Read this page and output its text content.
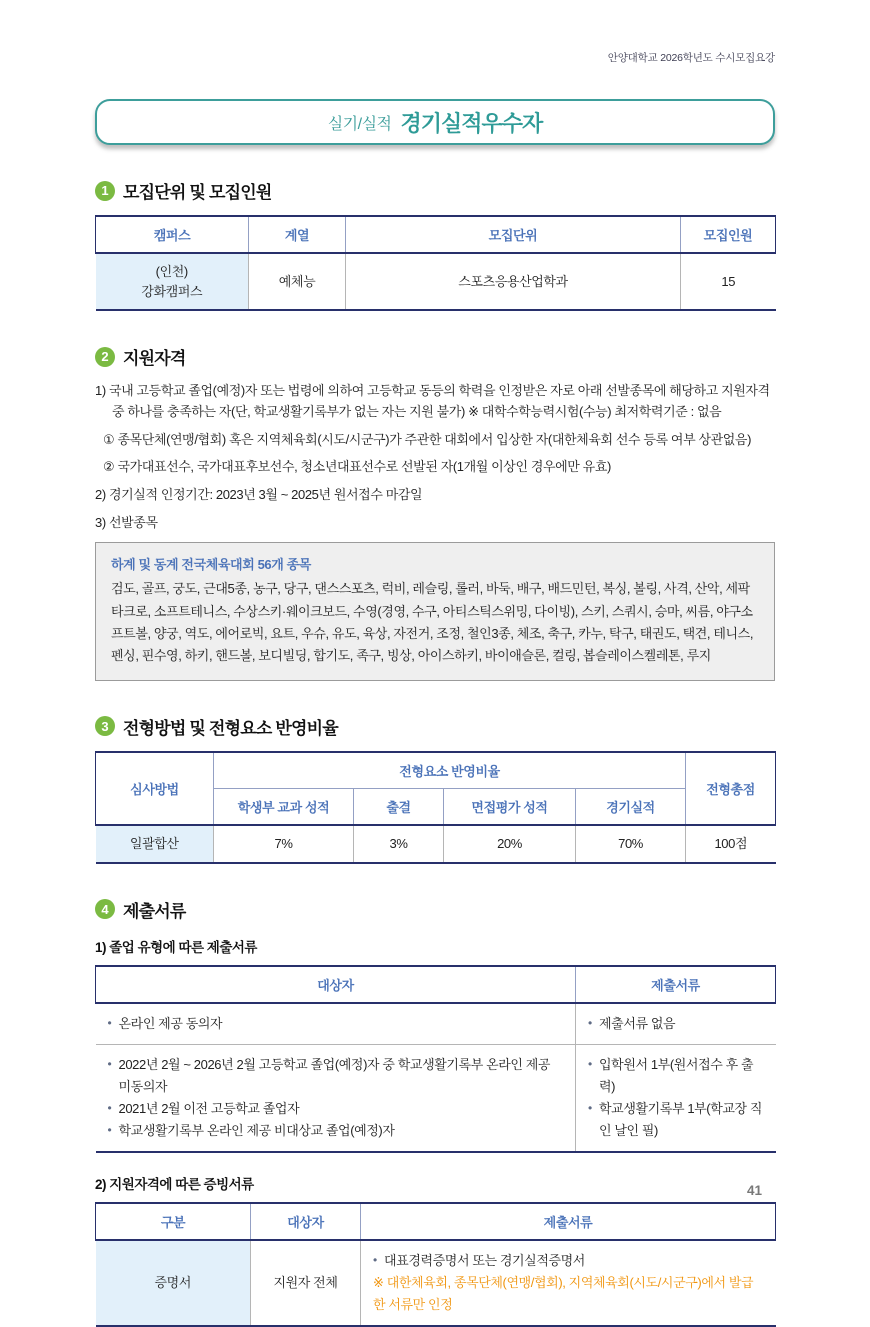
안양대학교 2026학년도 수시모집요강
실기/실적 경기실적우수자
1 모집단위 및 모집인원
캠퍼스	계열	모집단위	모집인원

(인천)
강화캠퍼스	예체능	스포츠응용산업학과	15
2 지원자격

1) 국내 고등학교 졸업(예정)자 또는 법령에 의하여 고등학교 동등의 학력을 인정받은 자로 아래 선발종목에 해당하고 지원자격 중 하나를 충족하는 자(단, 학교생활기록부가 없는 자는 지원 불가) ※ 대학수학능력시험(수능) 최저학력기준 : 없음

① 종목단체(연맹/협회) 혹은 지역체육회(시도/시군구)가 주관한 대회에서 입상한 자(대한체육회 선수 등록 여부 상관없음)

② 국가대표선수, 국가대표후보선수, 청소년대표선수로 선발된 자(1개월 이상인 경우에만 유효)

2) 경기실적 인정기간: 2023년 3월 ~ 2025년 원서접수 마감일

3) 선발종목

하계 및 동계 전국체육대회 56개 종목
검도, 골프, 궁도, 근대5종, 농구, 당구, 댄스스포츠, 럭비, 레슬링, 롤러, 바둑, 배구, 배드민턴, 복싱, 볼링, 사격, 산악, 세팍타크로, 소프트테니스, 수상스키·웨이크보드, 수영(경영, 수구, 아티스틱스위밍, 다이빙), 스키, 스쿼시, 승마, 씨름, 야구소프트볼, 양궁, 역도, 에어로빅, 요트, 우슈, 유도, 육상, 자전거, 조정, 철인3종, 체조, 축구, 카누, 탁구, 태권도, 택견, 테니스, 펜싱, 핀수영, 하키, 핸드볼, 보디빌딩, 합기도, 족구, 빙상, 아이스하키, 바이애슬론, 컬링, 봅슬레이스켈레톤, 루지
3 전형방법 및 전형요소 반영비율
심사방법	전형요소 반영비율				전형총점
	학생부 교과 성적	출결	면접평가 성적	경기실적	
일괄합산	7%	3%	20%	70%	100점
4 제출서류
1) 졸업 유형에 따른 제출서류
대상자	제출서류

• 온라인 제공 동의자

•제출서류 없음

• 2022년 2월 ~ 2026년 2월 고등학교 졸업(예정)자 중 학교생활기록부 온라인 제공 미동의자
• 2021년 2월 이전 고등학교 졸업자
• 학교생활기록부 온라인 제공 비대상교 졸업(예정)자

• 입학원서 1부(원서접수 후 출력)
• 학교생활기록부 1부(학교장 직인 날인 필)
2) 지원자격에 따른 증빙서류
구분	대상자	제출서류
증명서	지원자 전체	
• 대표경력증명서 또는 경기실적증명서
※ 대한체육회, 종목단체(연맹/협회), 지역체육회(시도/시군구)에서 발급한 서류만 인정
41
